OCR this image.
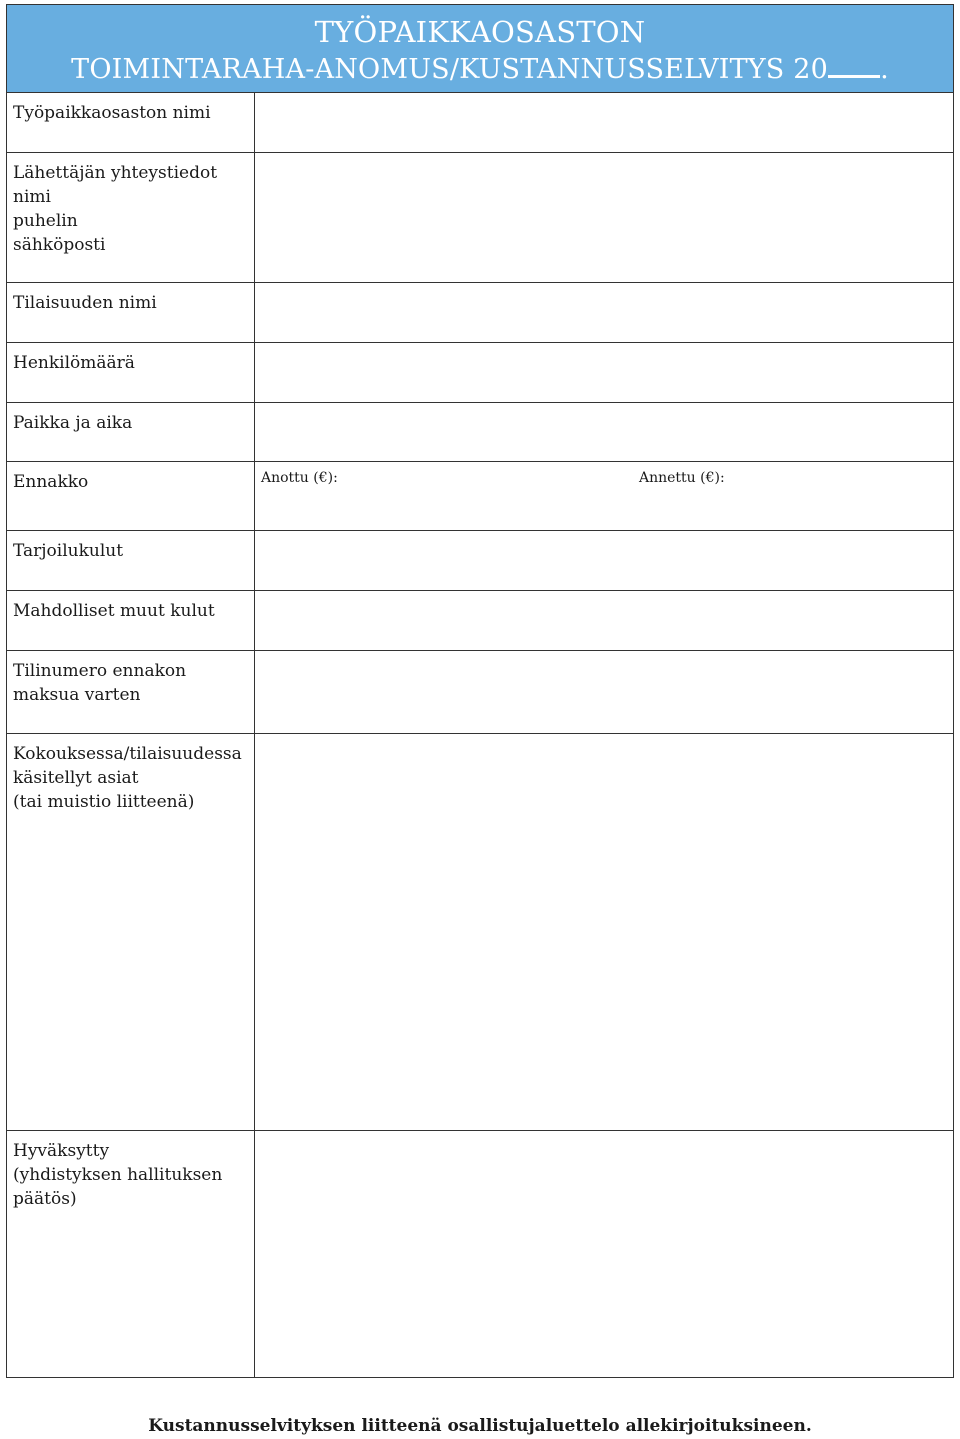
TYÖPAIKKAOSASTON
TOIMINTARAHA-ANOMUS/KUSTANNUSSELVITYS 20 .
Työpaikkaosaston nimi
Lähettäjän yhteystiedot
nimi
puhelin
sähköposti
Tilaisuuden nimi
Henkilömäärä
Paikka ja aika
Ennakko	Anottu (€):	Annettu (€):
Tarjoilukulut
Mahdolliset muut kulut
Tilinumero ennakon
maksua varten
Kokouksessa/tilaisuudessa
käsitellyt asiat
(tai muistio liitteenä)
Hyväksytty
(yhdistyksen hallituksen
päätös)
Kustannusselvityksen liitteenä osallistujaluettelo allekirjoituksineen.
